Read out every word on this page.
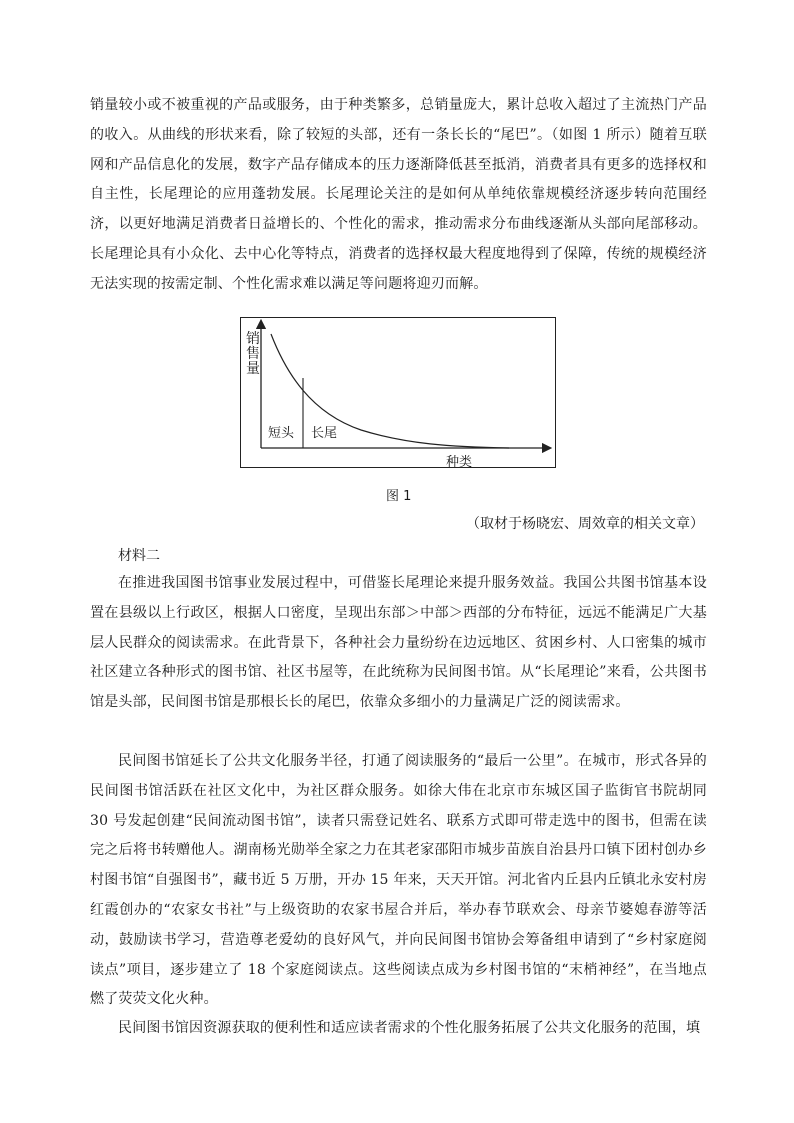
销量较小或不被重视的产品或服务，由于种类繁多，总销量庞大，累计总收入超过了主流热门产品的收入。从曲线的形状来看，除了较短的头部，还有一条长长的“尾巴”。（如图 1 所示）随着互联网和产品信息化的发展，数字产品存储成本的压力逐渐降低甚至抵消，消费者具有更多的选择权和自主性，长尾理论的应用蓬勃发展。长尾理论关注的是如何从单纯依靠规模经济逐步转向范围经济，以更好地满足消费者日益增长的、个性化的需求，推动需求分布曲线逐渐从头部向尾部移动。长尾理论具有小众化、去中心化等特点，消费者的选择权最大程度地得到了保障，传统的规模经济无法实现的按需定制、个性化需求难以满足等问题将迎刃而解。

销售量
短头 长尾
种类
图 1
（取材于杨晓宏、周效章的相关文章）
材料二

在推进我国图书馆事业发展过程中，可借鉴长尾理论来提升服务效益。我国公共图书馆基本设置在县级以上行政区，根据人口密度，呈现出东部＞中部＞西部的分布特征，远远不能满足广大基层人民群众的阅读需求。在此背景下，各种社会力量纷纷在边远地区、贫困乡村、人口密集的城市社区建立各种形式的图书馆、社区书屋等，在此统称为民间图书馆。从“长尾理论”来看，公共图书馆是头部，民间图书馆是那根长长的尾巴，依靠众多细小的力量满足广泛的阅读需求。

民间图书馆延长了公共文化服务半径，打通了阅读服务的“最后一公里”。在城市，形式各异的民间图书馆活跃在社区文化中，为社区群众服务。如徐大伟在北京市东城区国子监街官书院胡同 30 号发起创建“民间流动图书馆”，读者只需登记姓名、联系方式即可带走选中的图书，但需在读完之后将书转赠他人。湖南杨光勋举全家之力在其老家邵阳市城步苗族自治县丹口镇下团村创办乡村图书馆“自强图书”，藏书近 5 万册，开办 15 年来，天天开馆。河北省内丘县内丘镇北永安村房红霞创办的“农家女书社”与上级资助的农家书屋合并后，举办春节联欢会、母亲节婆媳春游等活动，鼓励读书学习，营造尊老爱幼的良好风气，并向民间图书馆协会筹备组申请到了“乡村家庭阅读点”项目，逐步建立了 18 个家庭阅读点。这些阅读点成为乡村图书馆的“末梢神经”，在当地点燃了荧荧文化火种。

民间图书馆因资源获取的便利性和适应读者需求的个性化服务拓展了公共文化服务的范围，填
